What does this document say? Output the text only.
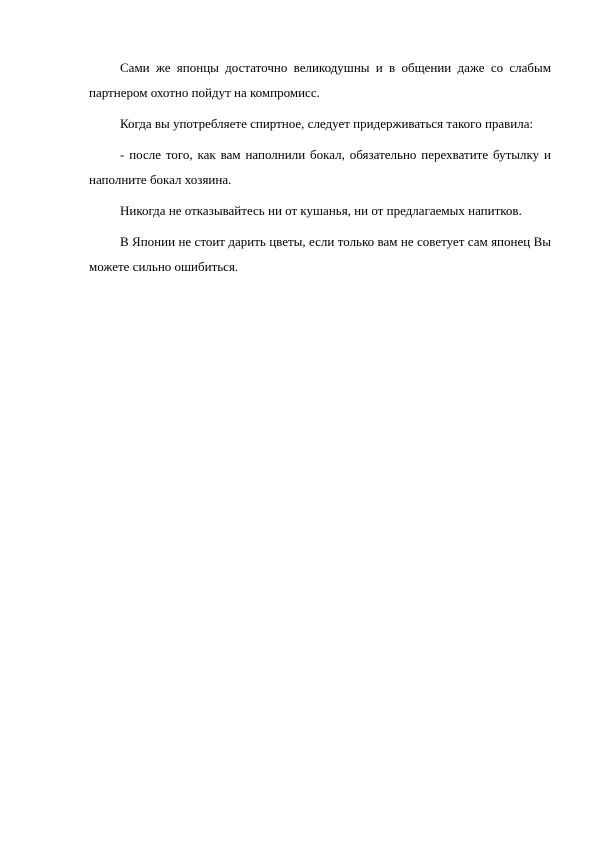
Сами же японцы достаточно великодушны и в общении даже со слабым партнером охотно пойдут на компромисс.

Когда вы употребляете спиртное, следует придерживаться такого правила:

- после того, как вам наполнили бокал, обязательно перехватите бутылку и наполните бокал хозяина.

Никогда не отказывайтесь ни от кушанья, ни от предлагаемых напитков.

В Японии не стоит дарить цветы, если только вам не советует сам японец Вы можете сильно ошибиться.
